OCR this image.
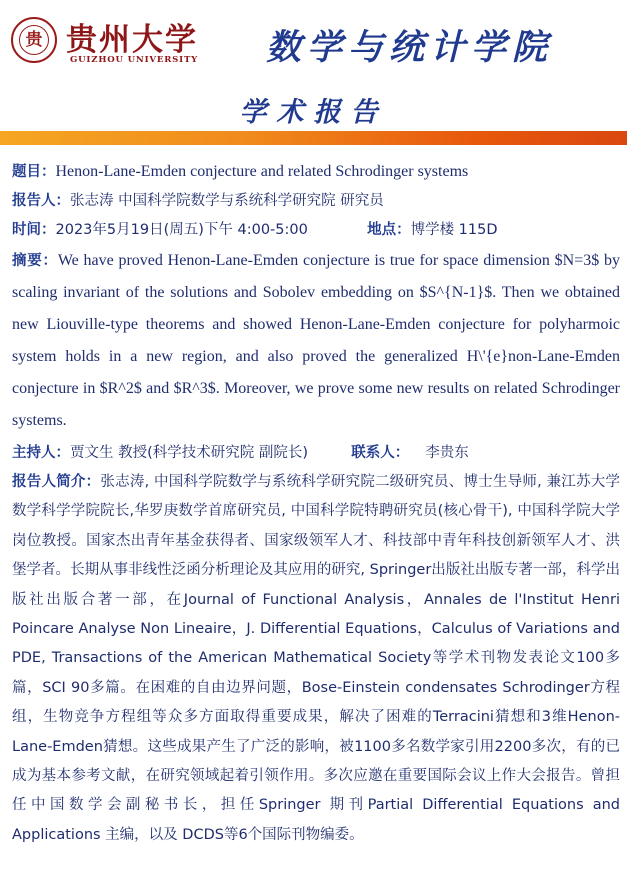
贵 贵州大学
GUIZHOU UNIVERSITY 数学与统计学院
学术报告
题目：Henon-Lane-Emden conjecture and related Schrodinger systems
报告人：张志涛 中国科学院数学与系统科学研究院 研究员
时间：2023年5月19日(周五)下午 4:00-5:00	地点：博学楼 115D
摘要：We have proved Henon-Lane-Emden conjecture is true for space dimension $N=3$ by scaling invariant of the solutions and Sobolev embedding on $S^{N-1}$. Then we obtained new Liouville-type theorems and showed Henon-Lane-Emden conjecture for polyharmoic system holds in a new region, and also proved the generalized H\'{e}non-Lane-Emden conjecture in $R^2$ and $R^3$. Moreover, we prove some new results on related Schrodinger systems.
主持人：贾文生 教授(科学技术研究院 副院长)	联系人： 李贵东
报告人简介：张志涛, 中国科学院数学与系统科学研究院二级研究员、博士生导师, 兼江苏大学数学科学学院院长,华罗庚数学首席研究员, 中国科学院特聘研究员(核心骨干), 中国科学院大学岗位教授。国家杰出青年基金获得者、国家级领军人才、科技部中青年科技创新领军人才、洪堡学者。长期从事非线性泛函分析理论及其应用的研究, Springer出版社出版专著一部，科学出版社出版合著一部，在Journal of Functional Analysis，Annales de l'Institut Henri Poincare Analyse Non Lineaire，J. Differential Equations，Calculus of Variations and PDE, Transactions of the American Mathematical Society等学术刊物发表论文100多篇，SCI 90多篇。在困难的自由边界问题，Bose-Einstein condensates Schrodinger方程组，生物竞争方程组等众多方面取得重要成果，解决了困难的Terracini猜想和3维Henon-Lane-Emden猜想。这些成果产生了广泛的影响，被1100多名数学家引用2200多次，有的已成为基本参考文献，在研究领域起着引领作用。多次应邀在重要国际会议上作大会报告。曾担任中国数学会副秘书长，担任Springer 期刊Partial Differential Equations and Applications 主编，以及 DCDS等6个国际刊物编委。
